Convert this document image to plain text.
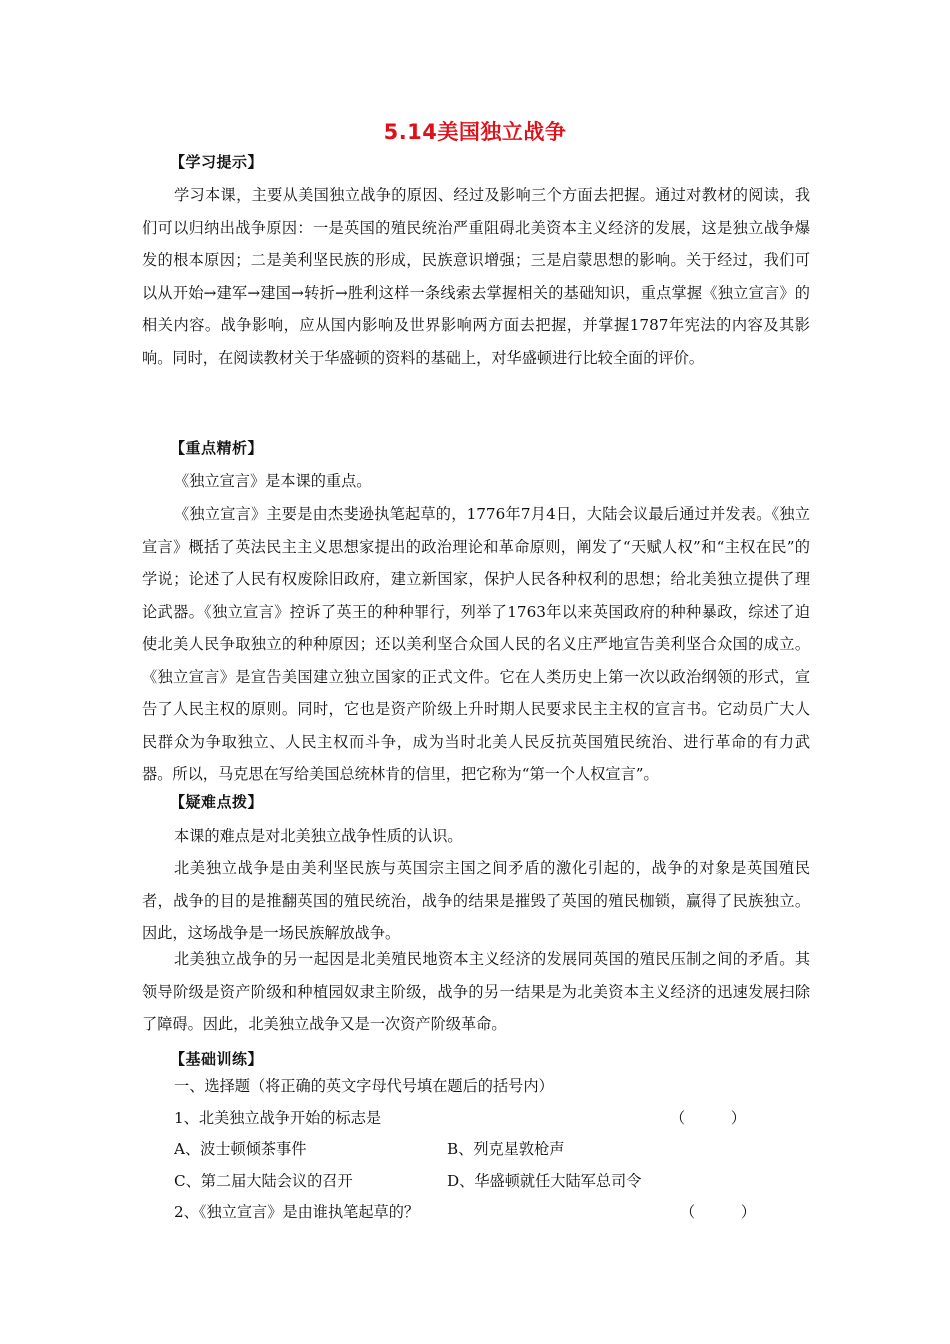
5.14美国独立战争
【学习提示】

学习本课，主要从美国独立战争的原因、经过及影响三个方面去把握。通过对教材的阅读，我们可以归纳出战争原因：一是英国的殖民统治严重阻碍北美资本主义经济的发展，这是独立战争爆发的根本原因；二是美利坚民族的形成，民族意识增强；三是启蒙思想的影响。关于经过，我们可以从开始→建军→建国→转折→胜利这样一条线索去掌握相关的基础知识，重点掌握《独立宣言》的相关内容。战争影响，应从国内影响及世界影响两方面去把握，并掌握1787年宪法的内容及其影响。同时，在阅读教材关于华盛顿的资料的基础上，对华盛顿进行比较全面的评价。

【重点精析】

《独立宣言》是本课的重点。

《独立宣言》主要是由杰斐逊执笔起草的，1776年7月4日，大陆会议最后通过并发表。《独立宣言》概括了英法民主主义思想家提出的政治理论和革命原则，阐发了“天赋人权”和“主权在民”的学说；论述了人民有权废除旧政府，建立新国家，保护人民各种权利的思想；给北美独立提供了理论武器。《独立宣言》控诉了英王的种种罪行，列举了1763年以来英国政府的种种暴政，综述了迫使北美人民争取独立的种种原因；还以美利坚合众国人民的名义庄严地宣告美利坚合众国的成立。《独立宣言》是宣告美国建立独立国家的正式文件。它在人类历史上第一次以政治纲领的形式，宣告了人民主权的原则。同时，它也是资产阶级上升时期人民要求民主主权的宣言书。它动员广大人民群众为争取独立、人民主权而斗争，成为当时北美人民反抗英国殖民统治、进行革命的有力武器。所以，马克思在写给美国总统林肯的信里，把它称为“第一个人权宣言”。

【疑难点拨】

本课的难点是对北美独立战争性质的认识。

北美独立战争是由美利坚民族与英国宗主国之间矛盾的激化引起的，战争的对象是英国殖民者，战争的目的是推翻英国的殖民统治，战争的结果是摧毁了英国的殖民枷锁，赢得了民族独立。因此，这场战争是一场民族解放战争。

北美独立战争的另一起因是北美殖民地资本主义经济的发展同英国的殖民压制之间的矛盾。其领导阶级是资产阶级和种植园奴隶主阶级，战争的另一结果是为北美资本主义经济的迅速发展扫除了障碍。因此，北美独立战争又是一次资产阶级革命。

【基础训练】
一、选择题（将正确的英文字母代号填在题后的括号内）
1、北美独立战争开始的标志是	（　　　）
A、波士顿倾茶事件	B、列克星敦枪声
C、第二届大陆会议的召开	D、华盛顿就任大陆军总司令
2、《独立宣言》是由谁执笔起草的？	（　　　）
